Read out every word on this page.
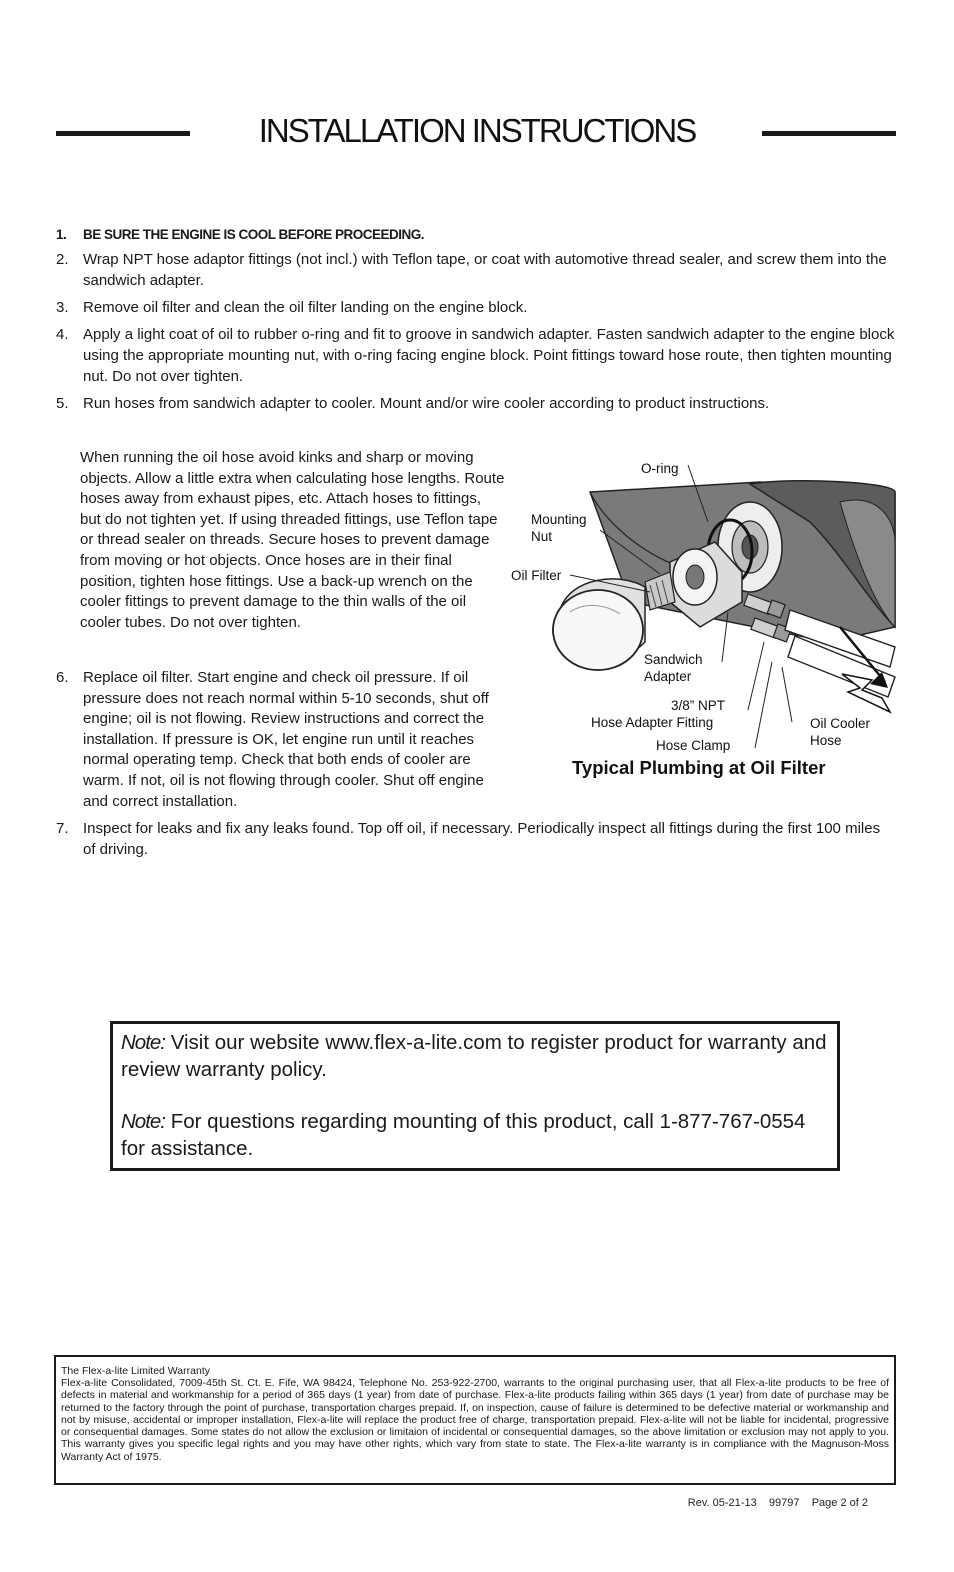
INSTALLATION INSTRUCTIONS
1. BE SURE THE ENGINE IS COOL BEFORE PROCEEDING.
2. Wrap NPT hose adaptor fittings (not incl.) with Teflon tape, or coat with automotive thread sealer, and screw them into the sandwich adapter.
3. Remove oil filter and clean the oil filter landing on the engine block.
4. Apply a light coat of oil to rubber o-ring and fit to groove in sandwich adapter. Fasten sandwich adapter to the engine block using the appropriate mounting nut, with o-ring facing engine block. Point fittings toward hose route, then tighten mounting nut. Do not over tighten.
5. Run hoses from sandwich adapter to cooler. Mount and/or wire cooler according to product instructions.
When running the oil hose avoid kinks and sharp or moving objects. Allow a little extra when calculating hose lengths. Route hoses away from exhaust pipes, etc. Attach hoses to fittings, but do not tighten yet. If using threaded fittings, use Teflon tape or thread sealer on threads. Secure hoses to prevent damage from moving or hot objects. Once hoses are in their final position, tighten hose fittings. Use a back-up wrench on the cooler fittings to prevent damage to the thin walls of the oil cooler tubes. Do not over tighten.
6. Replace oil filter. Start engine and check oil pressure. If oil pressure does not reach normal within 5-10 seconds, shut off engine; oil is not flowing. Review instructions and correct the installation. If pressure is OK, let engine run until it reaches normal operating temp. Check that both ends of cooler are warm. If not, oil is not flowing through cooler. Shut off engine and correct installation.
7. Inspect for leaks and fix any leaks found. Top off oil, if necessary. Periodically inspect all fittings during the first 100 miles of driving.
O-ring
Mounting
Nut
Oil Filter
Sandwich
Adapter
3/8” NPT
Hose Adapter Fitting
Hose Clamp
Oil Cooler
Hose
Typical Plumbing at Oil Filter
Note: Visit our website www.flex-a-lite.com to register product for warranty and review warranty policy.
Note: For questions regarding mounting of this product, call 1-877-767-0554 for assistance.
The Flex-a-lite Limited Warranty
Flex-a-lite Consolidated, 7009-45th St. Ct. E. Fife, WA 98424, Telephone No. 253-922-2700, warrants to the original purchasing user, that all Flex-a-lite products to be free of defects in material and workmanship for a period of 365 days (1 year) from date of purchase. Flex-a-lite products failing within 365 days (1 year) from date of purchase may be returned to the factory through the point of purchase, transportation charges prepaid. If, on inspection, cause of failure is determined to be defective material or workmanship and not by misuse, accidental or improper installation, Flex-a-lite will replace the product free of charge, transportation prepaid. Flex-a-lite will not be liable for incidental, progressive or consequential damages. Some states do not allow the exclusion or limitaion of incidental or consequential damages, so the above limitation or exclusion may not apply to you. This warranty gives you specific legal rights and you may have other rights, which vary from state to state. The Flex-a-lite warranty is in compliance with the Magnuson-Moss Warranty Act of 1975.
Rev. 05-21-13    99797    Page 2 of 2
